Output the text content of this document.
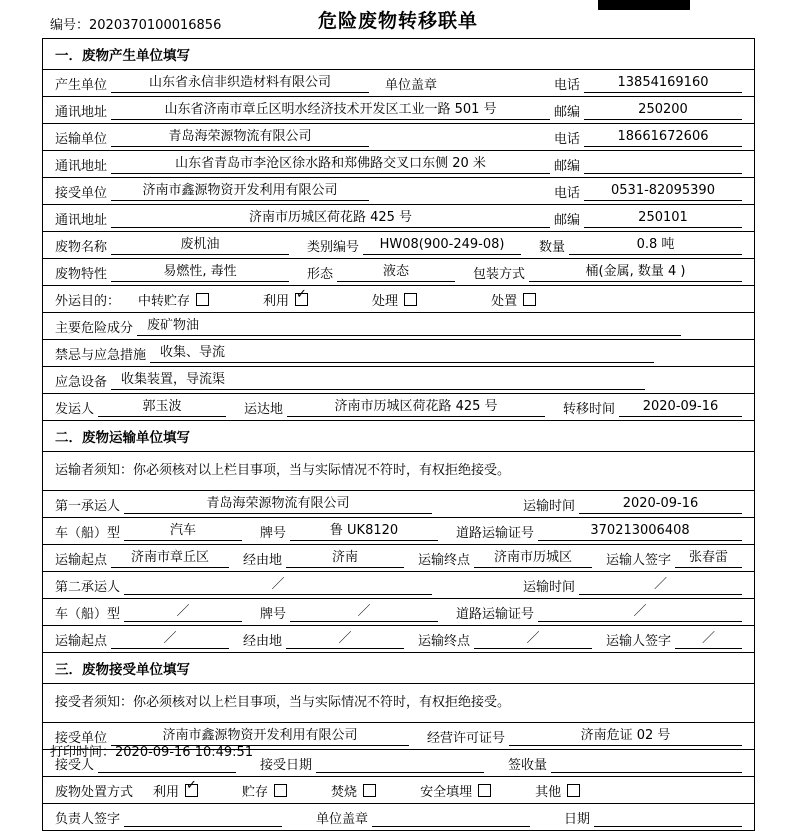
编号：2020370100016856	危险废物转移联单
一．废物产生单位填写

产生单位	山东省永信非织造材料有限公司	单位盖章	电话	13854169160

通讯地址	山东省济南市章丘区明水经济技术开发区工业一路 501 号	邮编	250200

运输单位	青岛海荣源物流有限公司	电话	18661672606

通讯地址	山东省青岛市李沧区徐水路和郑佛路交叉口东侧 20 米	邮编

接受单位	济南市鑫源物资开发利用有限公司	电话	0531-82095390

通讯地址	济南市历城区荷花路 425 号	邮编	250101

废物名称	废机油	类别编号	HW08(900-249-08)	数量	0.8 吨

废物特性	易燃性, 毒性	形态	液态	包装方式	桶(金属, 数量 4 )

外运目的： 中转贮存	利用 ✓	处理	处置

主要危险成分	废矿物油

禁忌与应急措施	收集、导流

应急设备	收集装置，导流渠

发运人	郭玉波	运达地	济南市历城区荷花路 425 号	转移时间	2020-09-16

二．废物运输单位填写

运输者须知：你必须核对以上栏目事项，当与实际情况不符时，有权拒绝接受。

第一承运人	青岛海荣源物流有限公司	运输时间	2020-09-16

车（船）型	汽车	牌号	鲁 UK8120	道路运输证号	370213006408

运输起点	济南市章丘区	经由地	济南	运输终点	济南市历城区	运输人签字	张春雷

第二承运人	／	运输时间	／

车（船）型	／	牌号	／	道路运输证号	／

运输起点	／	经由地	／	运输终点	／	运输人签字	／

三．废物接受单位填写

接受者须知：你必须核对以上栏目事项，当与实际情况不符时，有权拒绝接受。

接受单位	济南市鑫源物资开发利用有限公司	经营许可证号	济南危证 02 号

接受人	接受日期	签收量

废物处置方式 利用 ✓	贮存	焚烧	安全填埋	其他

负责人签字	单位盖章	日期
打印时间：2020-09-16 10:49:51
